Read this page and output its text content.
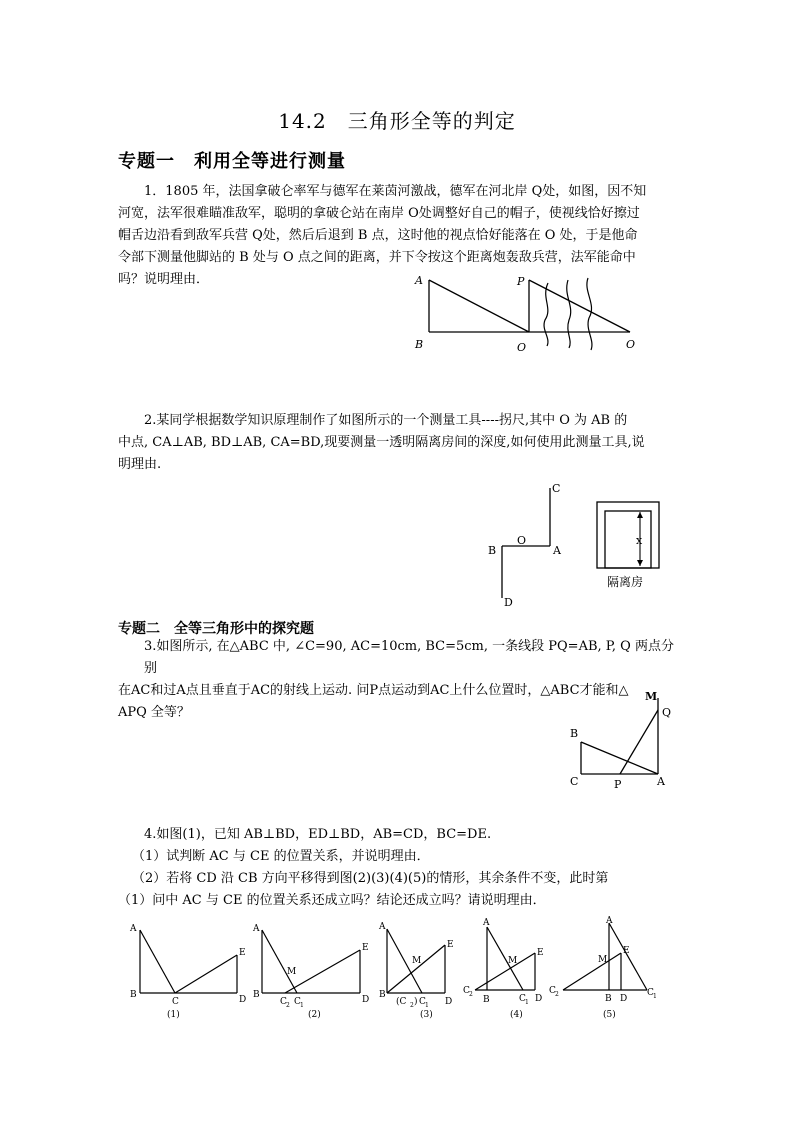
14.2　三角形全等的判定
专题一　利用全等进行测量
1．1805 年，法国拿破仑率军与德军在莱茵河激战，德军在河北岸 Q处，如图，因不知
河宽，法军很难瞄准敌军，聪明的拿破仑站在南岸 O处调整好自己的帽子，使视线恰好擦过
帽舌边沿看到敌军兵营 Q处，然后后退到 B 点，这时他的视点恰好能落在 O 处，于是他命
令部下测量他脚站的 B 处与 O 点之间的距离，并下令按这个距离炮轰敌兵营，法军能命中
吗？说明理由．	A
B	O
P
O
2.某同学根据数学知识原理制作了如图所示的一个测量工具----拐尺,其中 O 为 AB 的
中点, CA⊥AB, BD⊥AB, CA=BD,现要测量一透明隔离房间的深度,如何使用此测量工具,说
明理由.
C
O
B	A
D
x
隔离房
专题二　全等三角形中的探究题
3.如图所示, 在△ABC 中, ∠C=90, AC=10cm, BC=5cm, 一条线段 PQ=AB, P, Q 两点分别
在AC和过A点且垂直于AC的射线上运动. 问P点运动到AC上什么位置时，△ABC才能和△
APQ 全等？
M
Q
B
C	P	A
4.如图(1)，已知 AB⊥BD，ED⊥BD，AB=CD，BC=DE.
（1）试判断 AC 与 CE 的位置关系，并说明理由．
（2）若将 CD 沿 CB 方向平移得到图(2)(3)(4)(5)的情形，其余条件不变，此时第
（1）问中 AC 与 CE 的位置关系还成立吗？结论还成立吗？请说明理由．
A
B
C	D
E
(1)
A
B
M
C 2 C 1
D
E
(2)
A
B
M
(C 2 ) C 1 D
E
(3)
A
C 2
B
M
C 1 D
E
(4)
A
C 2
M
E
B D
C 1
(5)
